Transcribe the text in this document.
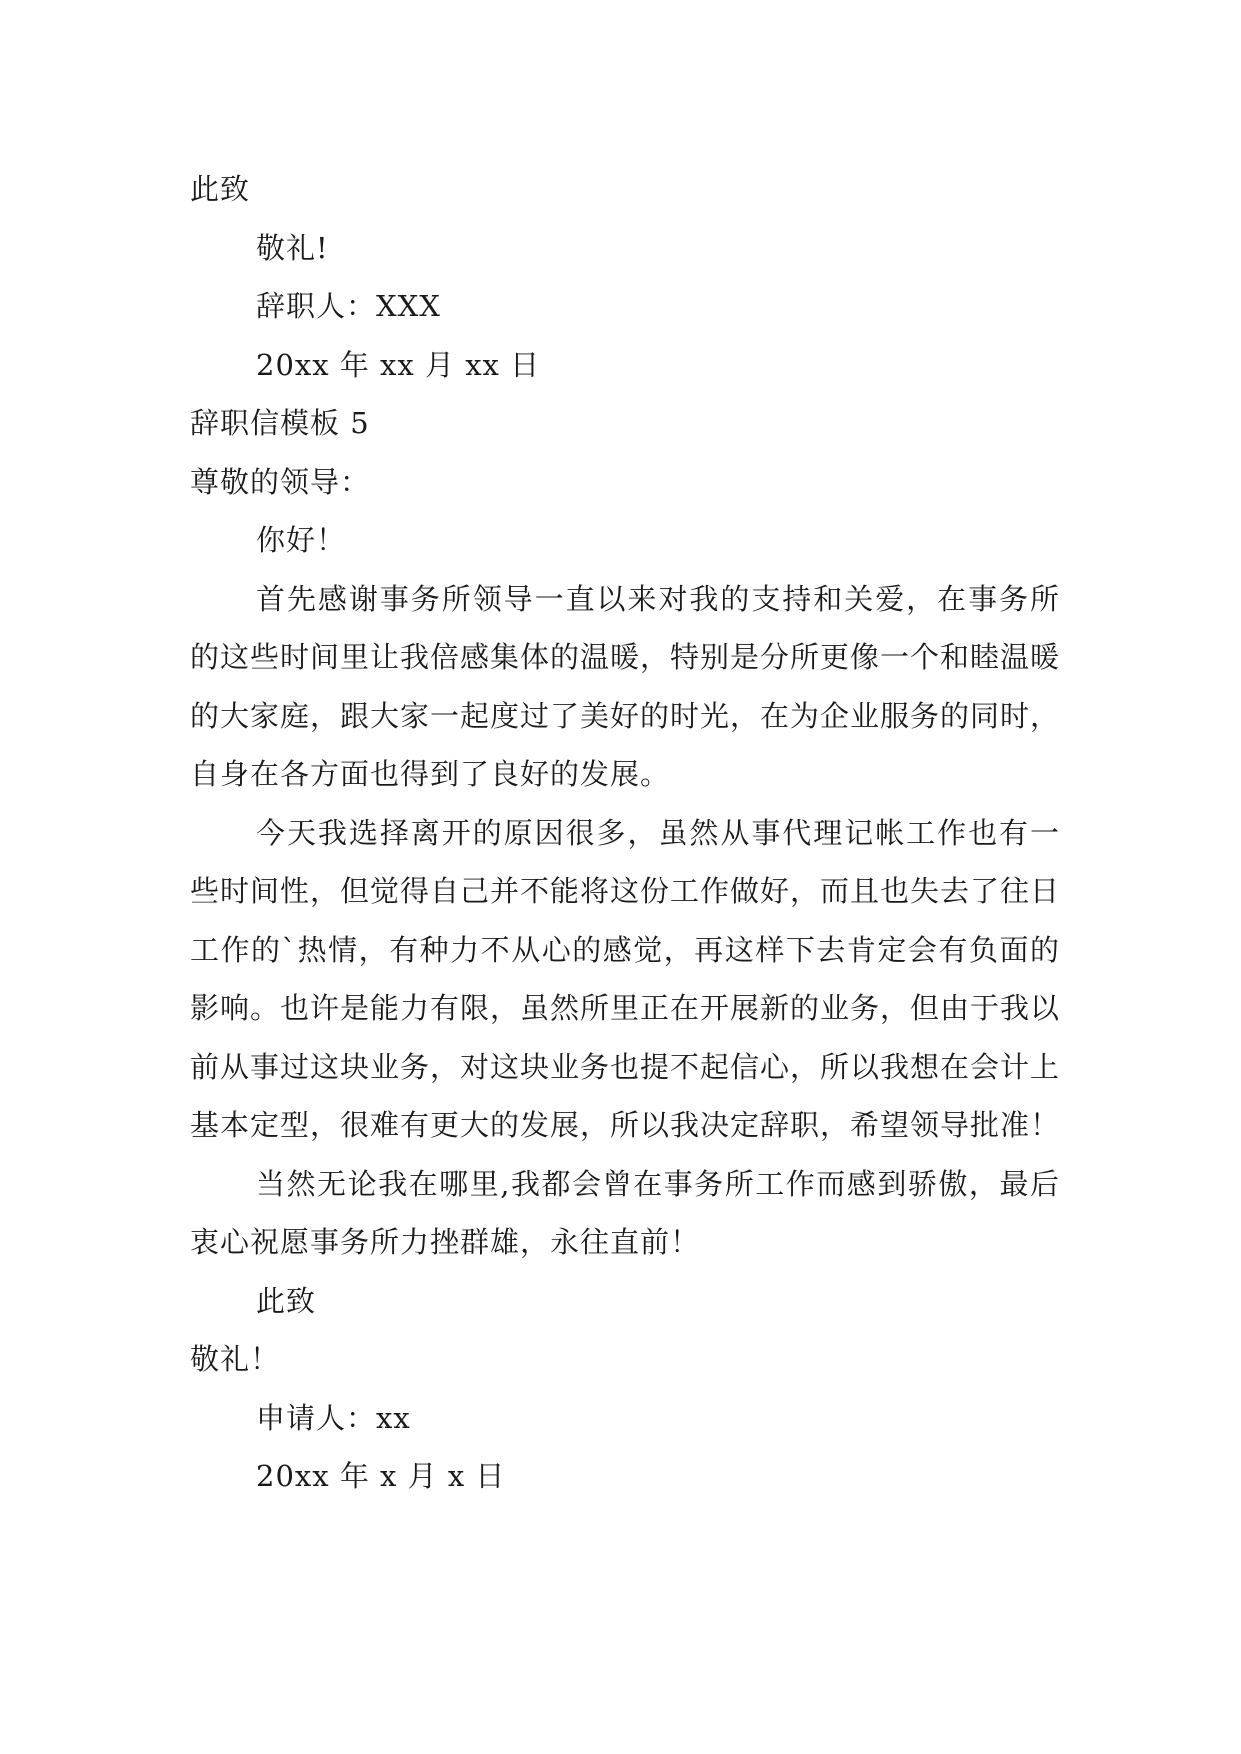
此致
敬礼!
辞职人：XXX
20xx 年 xx 月 xx 日
辞职信模板 5
尊敬的领导：
你好！

首先感谢事务所领导一直以来对我的支持和关爱，在事务所的这些时间里让我倍感集体的温暖，特别是分所更像一个和睦温暖的大家庭，跟大家一起度过了美好的时光，在为企业服务的同时，自身在各方面也得到了良好的发展。

今天我选择离开的原因很多，虽然从事代理记帐工作也有一些时间性，但觉得自己并不能将这份工作做好，而且也失去了往日工作的`热情，有种力不从心的感觉，再这样下去肯定会有负面的影响。也许是能力有限，虽然所里正在开展新的业务，但由于我以前从事过这块业务，对这块业务也提不起信心，所以我想在会计上基本定型，很难有更大的发展，所以我决定辞职，希望领导批准！

当然无论我在哪里,我都会曾在事务所工作而感到骄傲，最后衷心祝愿事务所力挫群雄，永往直前！

此致
敬礼！
申请人：xx
20xx 年 x 月 x 日
